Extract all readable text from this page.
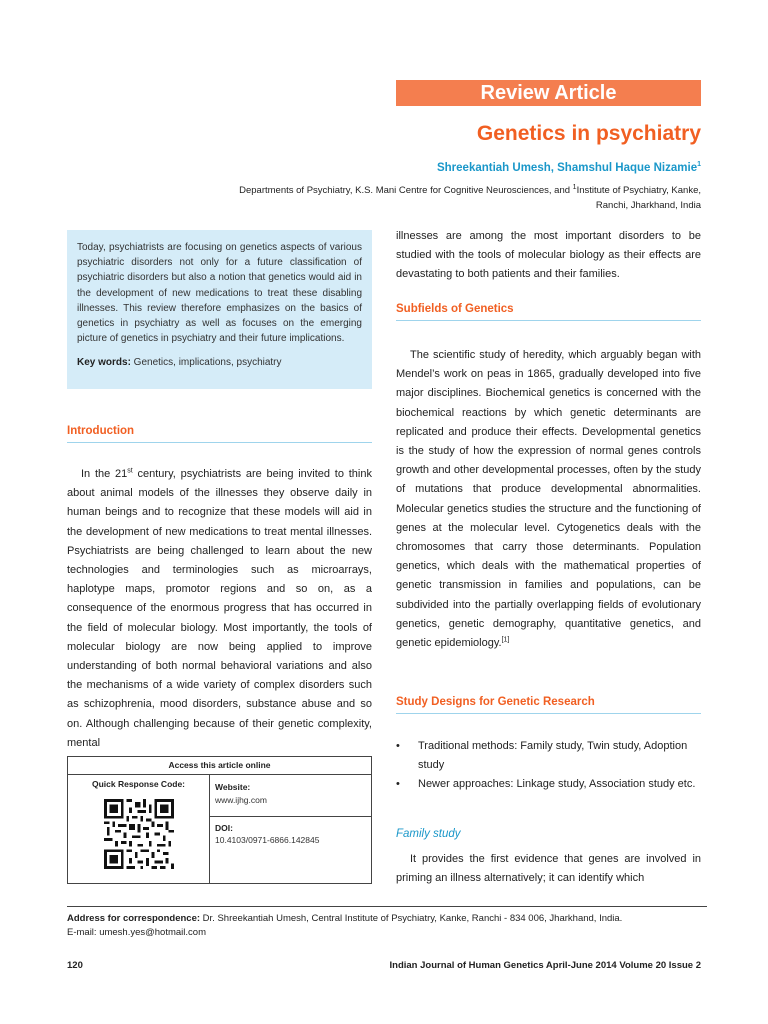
Review Article
Genetics in psychiatry
Shreekantiah Umesh, Shamshul Haque Nizamie$^1$
Departments of Psychiatry, K.S. Mani Centre for Cognitive Neurosciences, and $^1$Institute of Psychiatry, Kanke,
Ranchi, Jharkhand, India

Today, psychiatrists are focusing on genetics aspects of various psychiatric disorders not only for a future classification of psychiatric disorders but also a notion that genetics would aid in the development of new medications to treat these disabling illnesses. This review therefore emphasizes on the basics of genetics in psychiatry as well as focuses on the emerging picture of genetics in psychiatry and their future implications.

Key words: Genetics, implications, psychiatry

Introduction

In the 21st century, psychiatrists are being invited to think about animal models of the illnesses they observe daily in human beings and to recognize that these models will aid in the development of new medications to treat mental illnesses. Psychiatrists are being challenged to learn about the new technologies and terminologies such as microarrays, haplotype maps, promotor regions and so on, as a consequence of the enormous progress that has occurred in the field of molecular biology. Most importantly, the tools of molecular biology are now being applied to improve understanding of both normal behavioral variations and also the mechanisms of a wide variety of complex disorders such as schizophrenia, mood disorders, substance abuse and so on. Although challenging because of their genetic complexity, mental

Access this article online
Quick Response Code:	Website:
www.ijhg.com
DOI:
10.4103/0971-6866.142845

illnesses are among the most important disorders to be studied with the tools of molecular biology as their effects are devastating to both patients and their families.

Subfields of Genetics

The scientific study of heredity, which arguably began with Mendel’s work on peas in 1865, gradually developed into five major disciplines. Biochemical genetics is concerned with the biochemical reactions by which genetic determinants are replicated and produce their effects. Developmental genetics is the study of how the expression of normal genes controls growth and other developmental processes, often by the study of mutations that produce developmental abnormalities. Molecular genetics studies the structure and the functioning of genes at the molecular level. Cytogenetics deals with the chromosomes that carry those determinants. Population genetics, which deals with the mathematical properties of genetic transmission in families and populations, can be subdivided into the partially overlapping fields of evolutionary genetics, genetic demography, quantitative genetics, and genetic epidemiology.[1]

Study Designs for Genetic Research
• Traditional methods: Family study, Twin study, Adoption study
• Newer approaches: Linkage study, Association study etc.
Family study

It provides the first evidence that genes are involved in priming an illness alternatively; it can identify which

Address for correspondence: Dr. Shreekantiah Umesh, Central Institute of Psychiatry, Kanke, Ranchi - 834 006, Jharkhand, India.
E-mail: umesh.yes@hotmail.com
120	Indian Journal of Human Genetics April-June 2014 Volume 20 Issue 2
